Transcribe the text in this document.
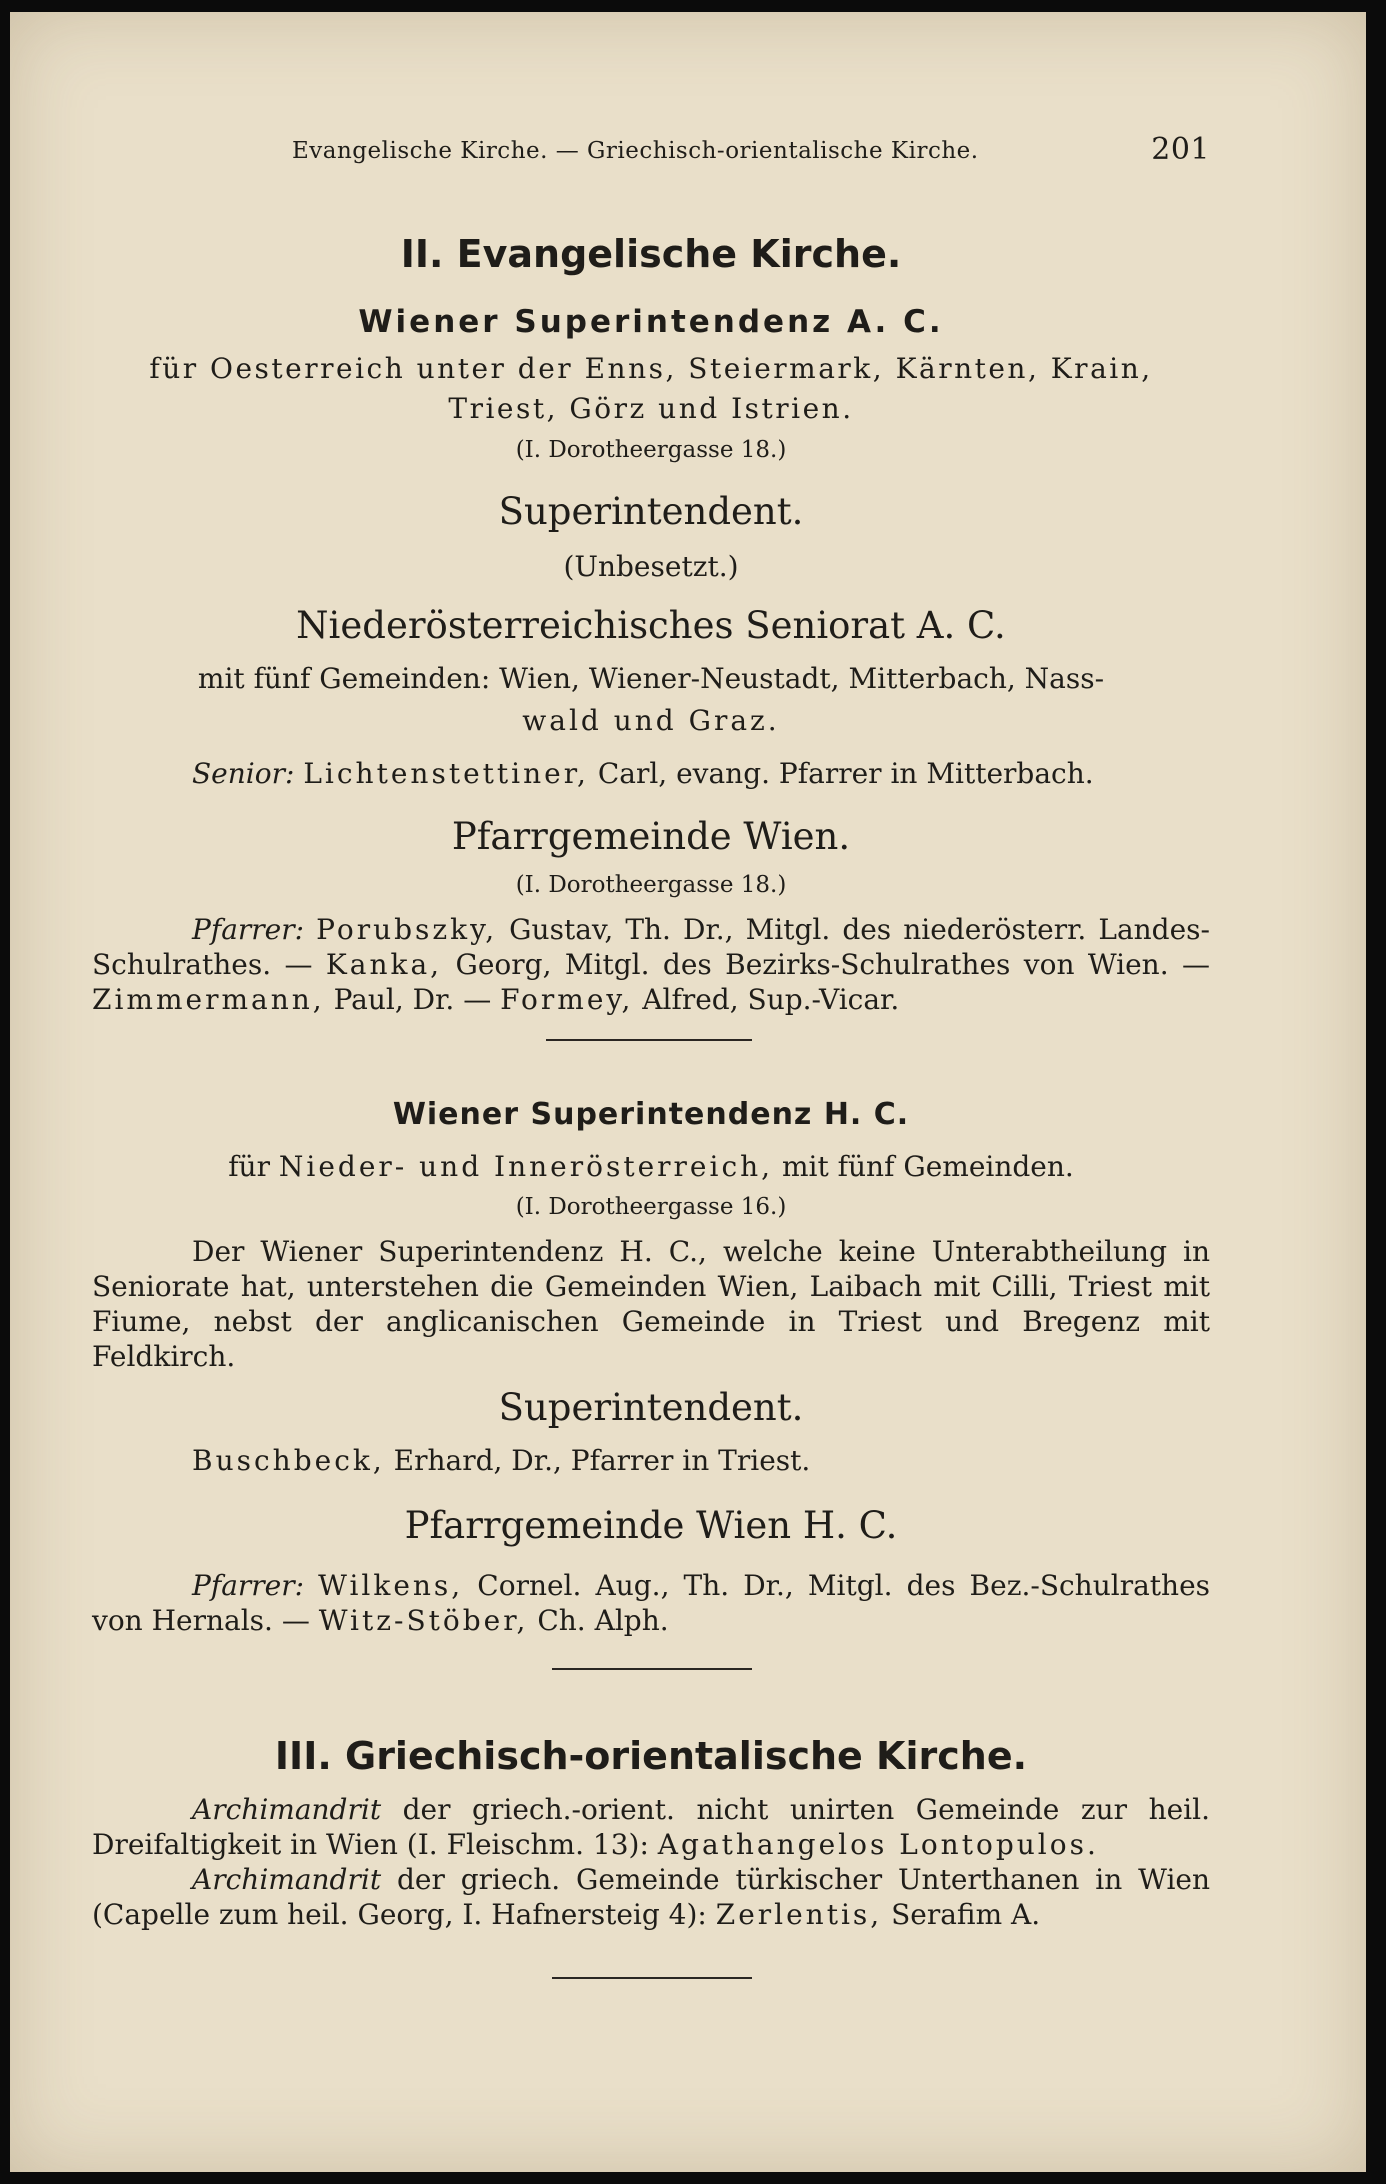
Evangelische Kirche. — Griechisch-orientalische Kirche.	201
II. Evangelische Kirche.
Wiener Superintendenz A. C.
für Oesterreich unter der Enns, Steiermark, Kärnten, Krain,
Triest, Görz und Istrien.
(I. Dorotheergasse 18.)
Superintendent.
(Unbesetzt.)
Niederösterreichisches Seniorat A. C.
mit fünf Gemeinden: Wien, Wiener-Neustadt, Mitterbach, Nass-
wald und Graz.
Senior: Lichtenstettiner, Carl, evang. Pfarrer in Mitterbach.
Pfarrgemeinde Wien.
(I. Dorotheergasse 18.)

Pfarrer: Porubszky, Gustav, Th. Dr., Mitgl. des niederösterr. Landes-Schulrathes. — Kanka, Georg, Mitgl. des Bezirks-Schulrathes von Wien. — Zimmermann, Paul, Dr. — Formey, Alfred, Sup.-Vicar.

Wiener Superintendenz H. C.
für Nieder- und Innerösterreich, mit fünf Gemeinden.
(I. Dorotheergasse 16.)

Der Wiener Superintendenz H. C., welche keine Unterabtheilung in Seniorate hat, unterstehen die Gemeinden Wien, Laibach mit Cilli, Triest mit Fiume, nebst der anglicanischen Gemeinde in Triest und Bregenz mit Feldkirch.

Superintendent.
Buschbeck, Erhard, Dr., Pfarrer in Triest.
Pfarrgemeinde Wien H. C.

Pfarrer: Wilkens, Cornel. Aug., Th. Dr., Mitgl. des Bez.-Schulrathes von Hernals. — Witz-Stöber, Ch. Alph.

III. Griechisch-orientalische Kirche.

Archimandrit der griech.-orient. nicht unirten Gemeinde zur heil. Dreifaltigkeit in Wien (I. Fleischm. 13): Agathangelos Lontopulos.

Archimandrit der griech. Gemeinde türkischer Unterthanen in Wien (Capelle zum heil. Georg, I. Hafnersteig 4): Zerlentis, Serafim A.
